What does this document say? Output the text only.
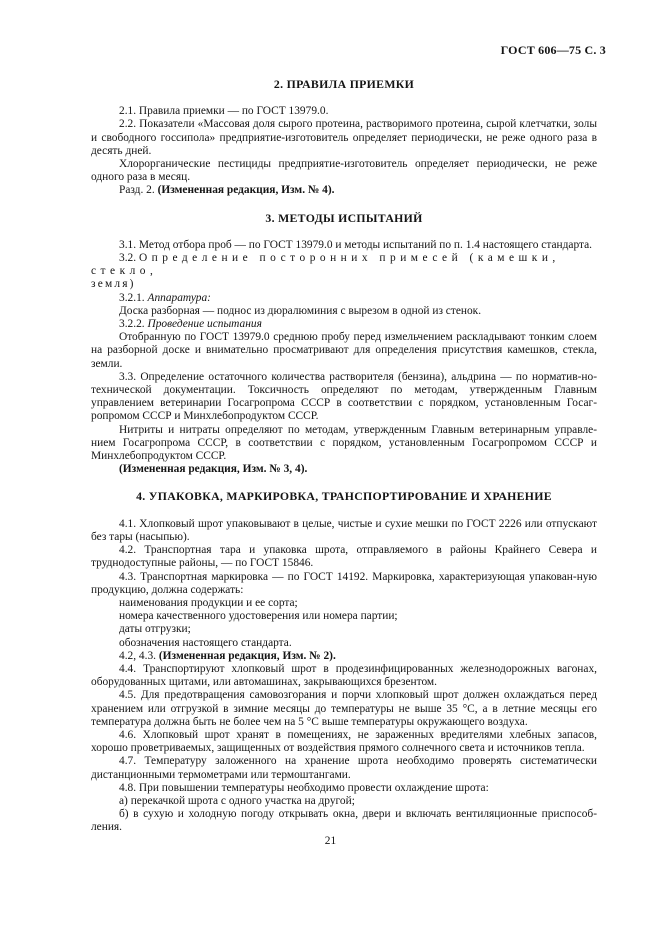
ГОСТ 606—75 С. 3
2. ПРАВИЛА ПРИЕМКИ

2.1. Правила приемки — по ГОСТ 13979.0.

2.2. Показатели «Массовая доля сырого протеина, растворимого протеина, сырой клетчатки, золы и свободного госсипола» предприятие-изготовитель определяет периодически, не реже одного раза в десять дней.

Хлорорганические пестициды предприятие-изготовитель определяет периодически, не реже одного раза в месяц.

Разд. 2. (Измененная редакция, Изм. № 4).

3. МЕТОДЫ ИСПЫТАНИЙ

3.1. Метод отбора проб — по ГОСТ 13979.0 и методы испытаний по п. 1.4 настоящего стандарта.

3.2. Определение посторонних примесей (камешки, стекло,

земля)

3.2.1. Аппаратура:

Доска разборная — поднос из дюралюминия с вырезом в одной из стенок.

3.2.2. Проведение испытания

Отобранную по ГОСТ 13979.0 среднюю пробу перед измельчением раскладывают тонким слоем на разборной доске и внимательно просматривают для определения присутствия камешков, стекла, земли.

3.3. Определение остаточного количества растворителя (бензина), альдрина — по норматив-но-технической документации. Токсичность определяют по методам, утвержденным Главным управлением ветеринарии Госагропрома СССР в соответствии с порядком, установленным Госаг-ропромом СССР и Минхлебопродуктом СССР.

Нитриты и нитраты определяют по методам, утвержденным Главным ветеринарным управле-нием Госагропрома СССР, в соответствии с порядком, установленным Госагропромом СССР и Минхлебопродуктом СССР.

(Измененная редакция, Изм. № 3, 4).

4. УПАКОВКА, МАРКИРОВКА, ТРАНСПОРТИРОВАНИЕ И ХРАНЕНИЕ

4.1. Хлопковый шрот упаковывают в целые, чистые и сухие мешки по ГОСТ 2226 или отпускают без тары (насыпью).

4.2. Транспортная тара и упаковка шрота, отправляемого в районы Крайнего Севера и труднодоступные районы, — по ГОСТ 15846.

4.3. Транспортная маркировка — по ГОСТ 14192. Маркировка, характеризующая упакован-ную продукцию, должна содержать:

наименования продукции и ее сорта;

номера качественного удостоверения или номера партии;

даты отгрузки;

обозначения настоящего стандарта.

4.2, 4.3. (Измененная редакция, Изм. № 2).

4.4. Транспортируют хлопковый шрот в продезинфицированных железнодорожных вагонах, оборудованных щитами, или автомашинах, закрывающихся брезентом.

4.5. Для предотвращения самовозгорания и порчи хлопковый шрот должен охлаждаться перед хранением или отгрузкой в зимние месяцы до температуры не выше 35 °С, а в летние месяцы его температура должна быть не более чем на 5 °С выше температуры окружающего воздуха.

4.6. Хлопковый шрот хранят в помещениях, не зараженных вредителями хлебных запасов, хорошо проветриваемых, защищенных от воздействия прямого солнечного света и источников тепла.

4.7. Температуру заложенного на хранение шрота необходимо проверять систематически дистанционными термометрами или термоштангами.

4.8. При повышении температуры необходимо провести охлаждение шрота:

а) перекачкой шрота с одного участка на другой;

б) в сухую и холодную погоду открывать окна, двери и включать вентиляционные приспособ-ления.

21
